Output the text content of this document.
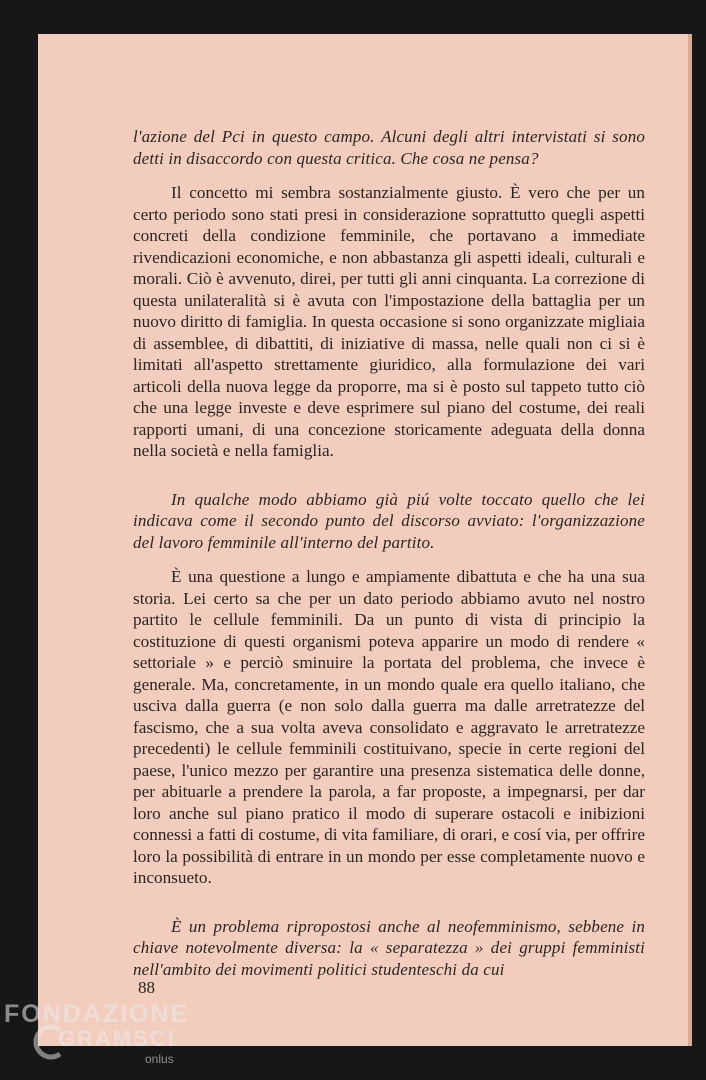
l'azione del Pci in questo campo. Alcuni degli altri intervistati si sono detti in disaccordo con questa critica. Che cosa ne pensa?

Il concetto mi sembra sostanzialmente giusto. È vero che per un certo periodo sono stati presi in considerazione soprattutto quegli aspetti concreti della condizione femminile, che portavano a immediate rivendicazioni economiche, e non abbastanza gli aspetti ideali, culturali e morali. Ciò è avvenuto, direi, per tutti gli anni cinquanta. La correzione di questa unilateralità si è avuta con l'impostazione della battaglia per un nuovo diritto di famiglia. In questa occasione si sono organizzate migliaia di assemblee, di dibattiti, di iniziative di massa, nelle quali non ci si è limitati all'aspetto strettamente giuridico, alla formulazione dei vari articoli della nuova legge da proporre, ma si è posto sul tappeto tutto ciò che una legge investe e deve esprimere sul piano del costume, dei reali rapporti umani, di una concezione storicamente adeguata della donna nella società e nella famiglia.

In qualche modo abbiamo già piú volte toccato quello che lei indicava come il secondo punto del discorso avviato: l'organizzazione del lavoro femminile all'interno del partito.

È una questione a lungo e ampiamente dibattuta e che ha una sua storia. Lei certo sa che per un dato periodo abbiamo avuto nel nostro partito le cellule femminili. Da un punto di vista di principio la costituzione di questi organismi poteva apparire un modo di rendere « settoriale » e perciò sminuire la portata del problema, che invece è generale. Ma, concretamente, in un mondo quale era quello italiano, che usciva dalla guerra (e non solo dalla guerra ma dalle arretratezze del fascismo, che a sua volta aveva consolidato e aggravato le arretratezze precedenti) le cellule femminili costituivano, specie in certe regioni del paese, l'unico mezzo per garantire una presenza sistematica delle donne, per abituarle a prendere la parola, a far proposte, a impegnarsi, per dar loro anche sul piano pratico il modo di superare ostacoli e inibizioni connessi a fatti di costume, di vita familiare, di orari, e cosí via, per offrire loro la possibilità di entrare in un mondo per esse completamente nuovo e inconsueto.

È un problema ripropostosi anche al neofemminismo, sebbene in chiave notevolmente diversa: la « separatezza » dei gruppi femministi nell'ambito dei movimenti politici studenteschi da cui

88
FONDAZIONE
GRAMSCI
onlus
